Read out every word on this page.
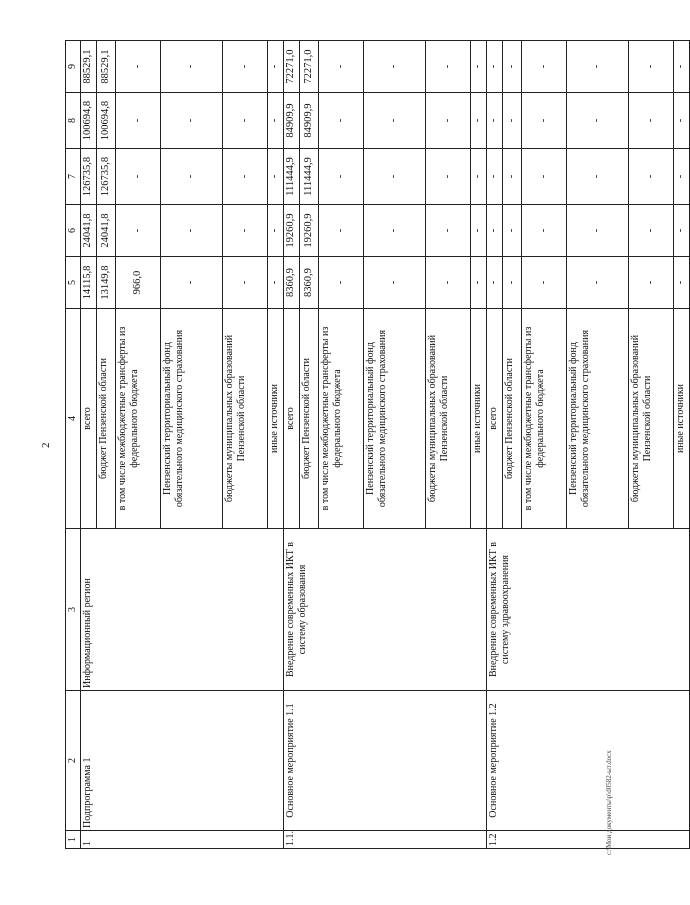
2
1	2	3	4	5	6	7	8	9
1	Подпрограмма 1	Информационный регион	всего	14115,8	24041,8	126735,8	100694,8	88529,1
			бюджет Пензенской области	13149,8	24041,8	126735,8	100694,8	88529,1
			в том числе межбюджетные трансферты из федерального бюджета	966,0	-	-	-	-
			Пензенский территориальный фонд обязательного медицинского страхования	-	-	-	-	-
			бюджеты муниципальных образований Пензенской области	-	-	-	-	-
			иные источники	-	-	-	-	-
1.1.	Основное мероприятие 1.1	Внедрение современных ИКТ в систему образования	всего	8360,9	19260,9	111444,9	84909,9	72271,0
			бюджет Пензенской области	8360,9	19260,9	111444,9	84909,9	72271,0
			в том числе межбюджетные трансферты из федерального бюджета	-	-	-	-	-
			Пензенский территориальный фонд обязательного медицинского страхования	-	-	-	-	-
			бюджеты муниципальных образований Пензенской области	-	-	-	-	-
			иные источники	-	-	-	-	-
1.2	Основное мероприятие 1.2	Внедрение современных ИКТ в систему здравоохранения	всего	-	-	-	-	-
			бюджет Пензенской области	-	-	-	-	-
			в том числе межбюджетные трансферты из федерального бюджета	-	-	-	-	-
			Пензенский территориальный фонд обязательного медицинского страхования	-	-	-	-	-
			бюджеты муниципальных образований Пензенской области	-	-	-	-	-
			иные источники	-	-	-	-	-
c:\Мои документы\p\d0582-ыт.docx
